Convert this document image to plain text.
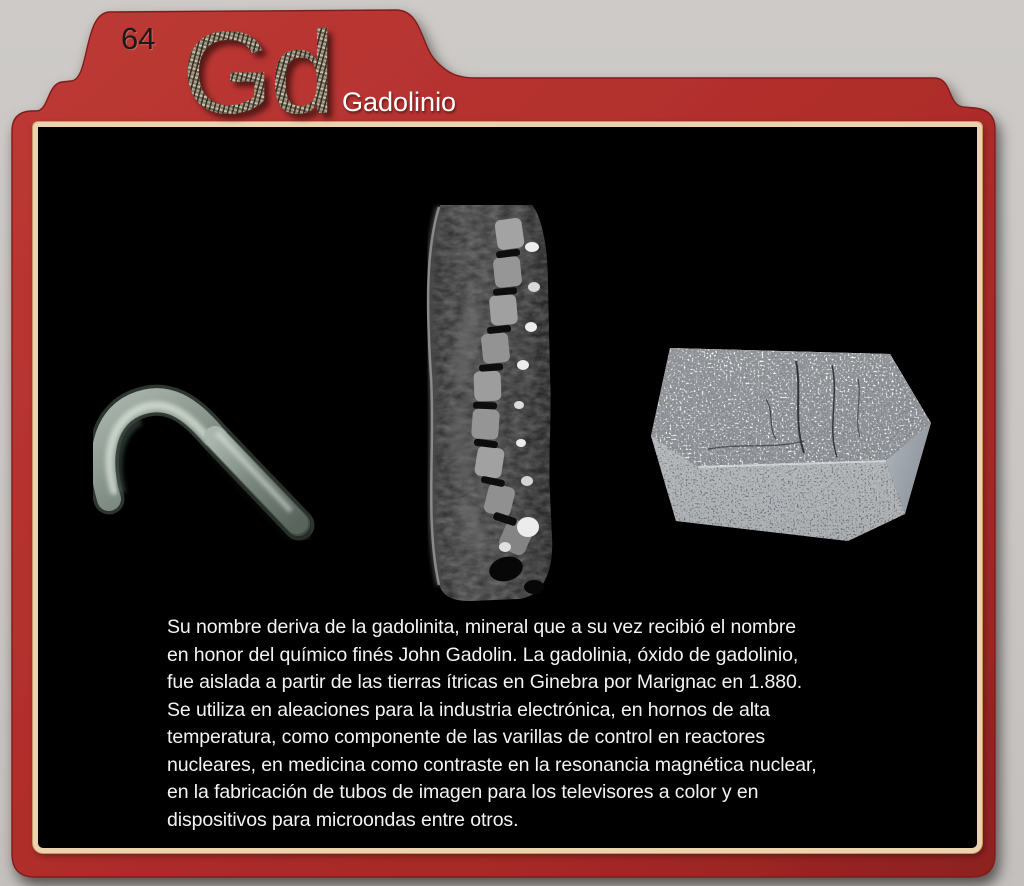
64 Gd Gadolinio
Su nombre deriva de la gadolinita, mineral que a su vez recibió el nombre
en honor del químico finés John Gadolin. La gadolinia, óxido de gadolinio,
fue aislada a partir de las tierras ítricas en Ginebra por Marignac en 1.880.
Se utiliza en aleaciones para la industria electrónica, en hornos de alta
temperatura, como componente de las varillas de control en reactores
nucleares, en medicina como contraste en la resonancia magnética nuclear,
en la fabricación de tubos de imagen para los televisores a color y en
dispositivos para microondas entre otros.
